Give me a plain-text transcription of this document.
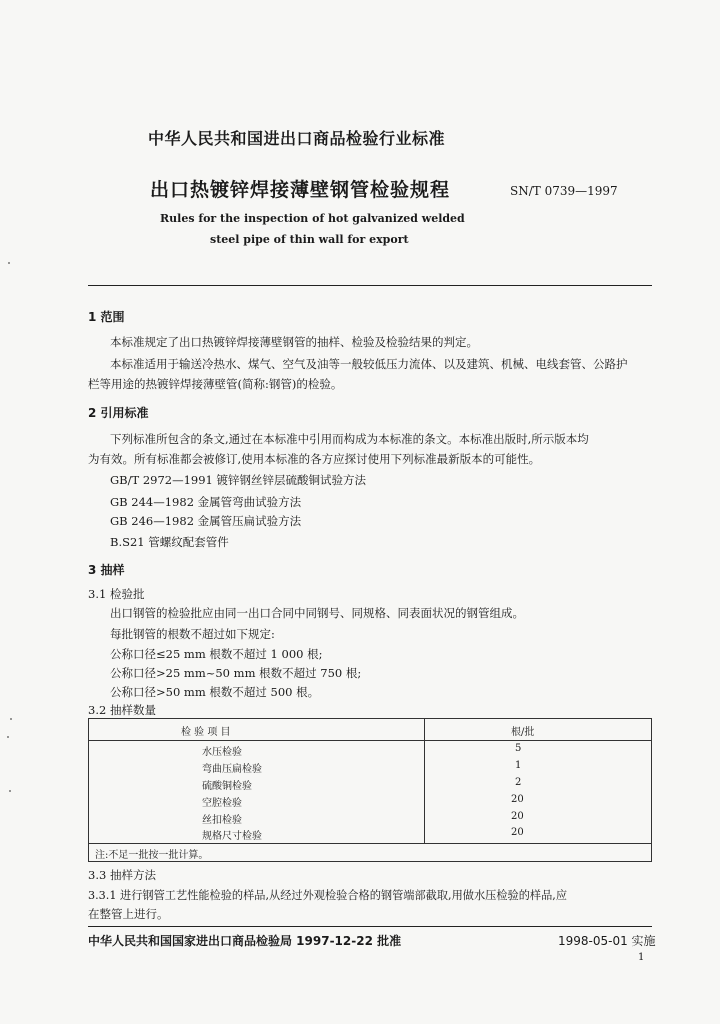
中华人民共和国进出口商品检验行业标准
出口热镀锌焊接薄壁钢管检验规程	SN/T 0739—1997
Rules for the inspection of hot galvanized welded
steel pipe of thin wall for export
1 范围
本标准规定了出口热镀锌焊接薄壁钢管的抽样、检验及检验结果的判定。
本标准适用于输送冷热水、煤气、空气及油等一般较低压力流体、以及建筑、机械、电线套管、公路护
栏等用途的热镀锌焊接薄壁管(简称:钢管)的检验。
2 引用标准
下列标准所包含的条文,通过在本标准中引用而构成为本标准的条文。本标准出版时,所示版本均
为有效。所有标准都会被修订,使用本标准的各方应探讨使用下列标准最新版本的可能性。
GB/T 2972—1991 镀锌钢丝锌层硫酸铜试验方法
GB 244—1982 金属管弯曲试验方法
GB 246—1982 金属管压扁试验方法
B.S21 管螺纹配套管件
3 抽样
3.1 检验批
出口钢管的检验批应由同一出口合同中同钢号、同规格、同表面状况的钢管组成。
每批钢管的根数不超过如下规定:
公称口径≤25 mm 根数不超过 1 000 根;
公称口径>25 mm~50 mm 根数不超过 750 根;
公称口径>50 mm 根数不超过 500 根。
3.2 抽样数量
检 验 项 目	根/批
水压检验	5
弯曲压扁检验	1
硫酸铜检验	2
空腔检验	20
丝扣检验	20
规格尺寸检验	20
注:不足一批按一批计算。
3.3 抽样方法
3.3.1 进行钢管工艺性能检验的样品,从经过外观检验合格的钢管端部截取,用做水压检验的样品,应
在整管上进行。
中华人民共和国国家进出口商品检验局 1997-12-22 批准	1998-05-01 实施
1
